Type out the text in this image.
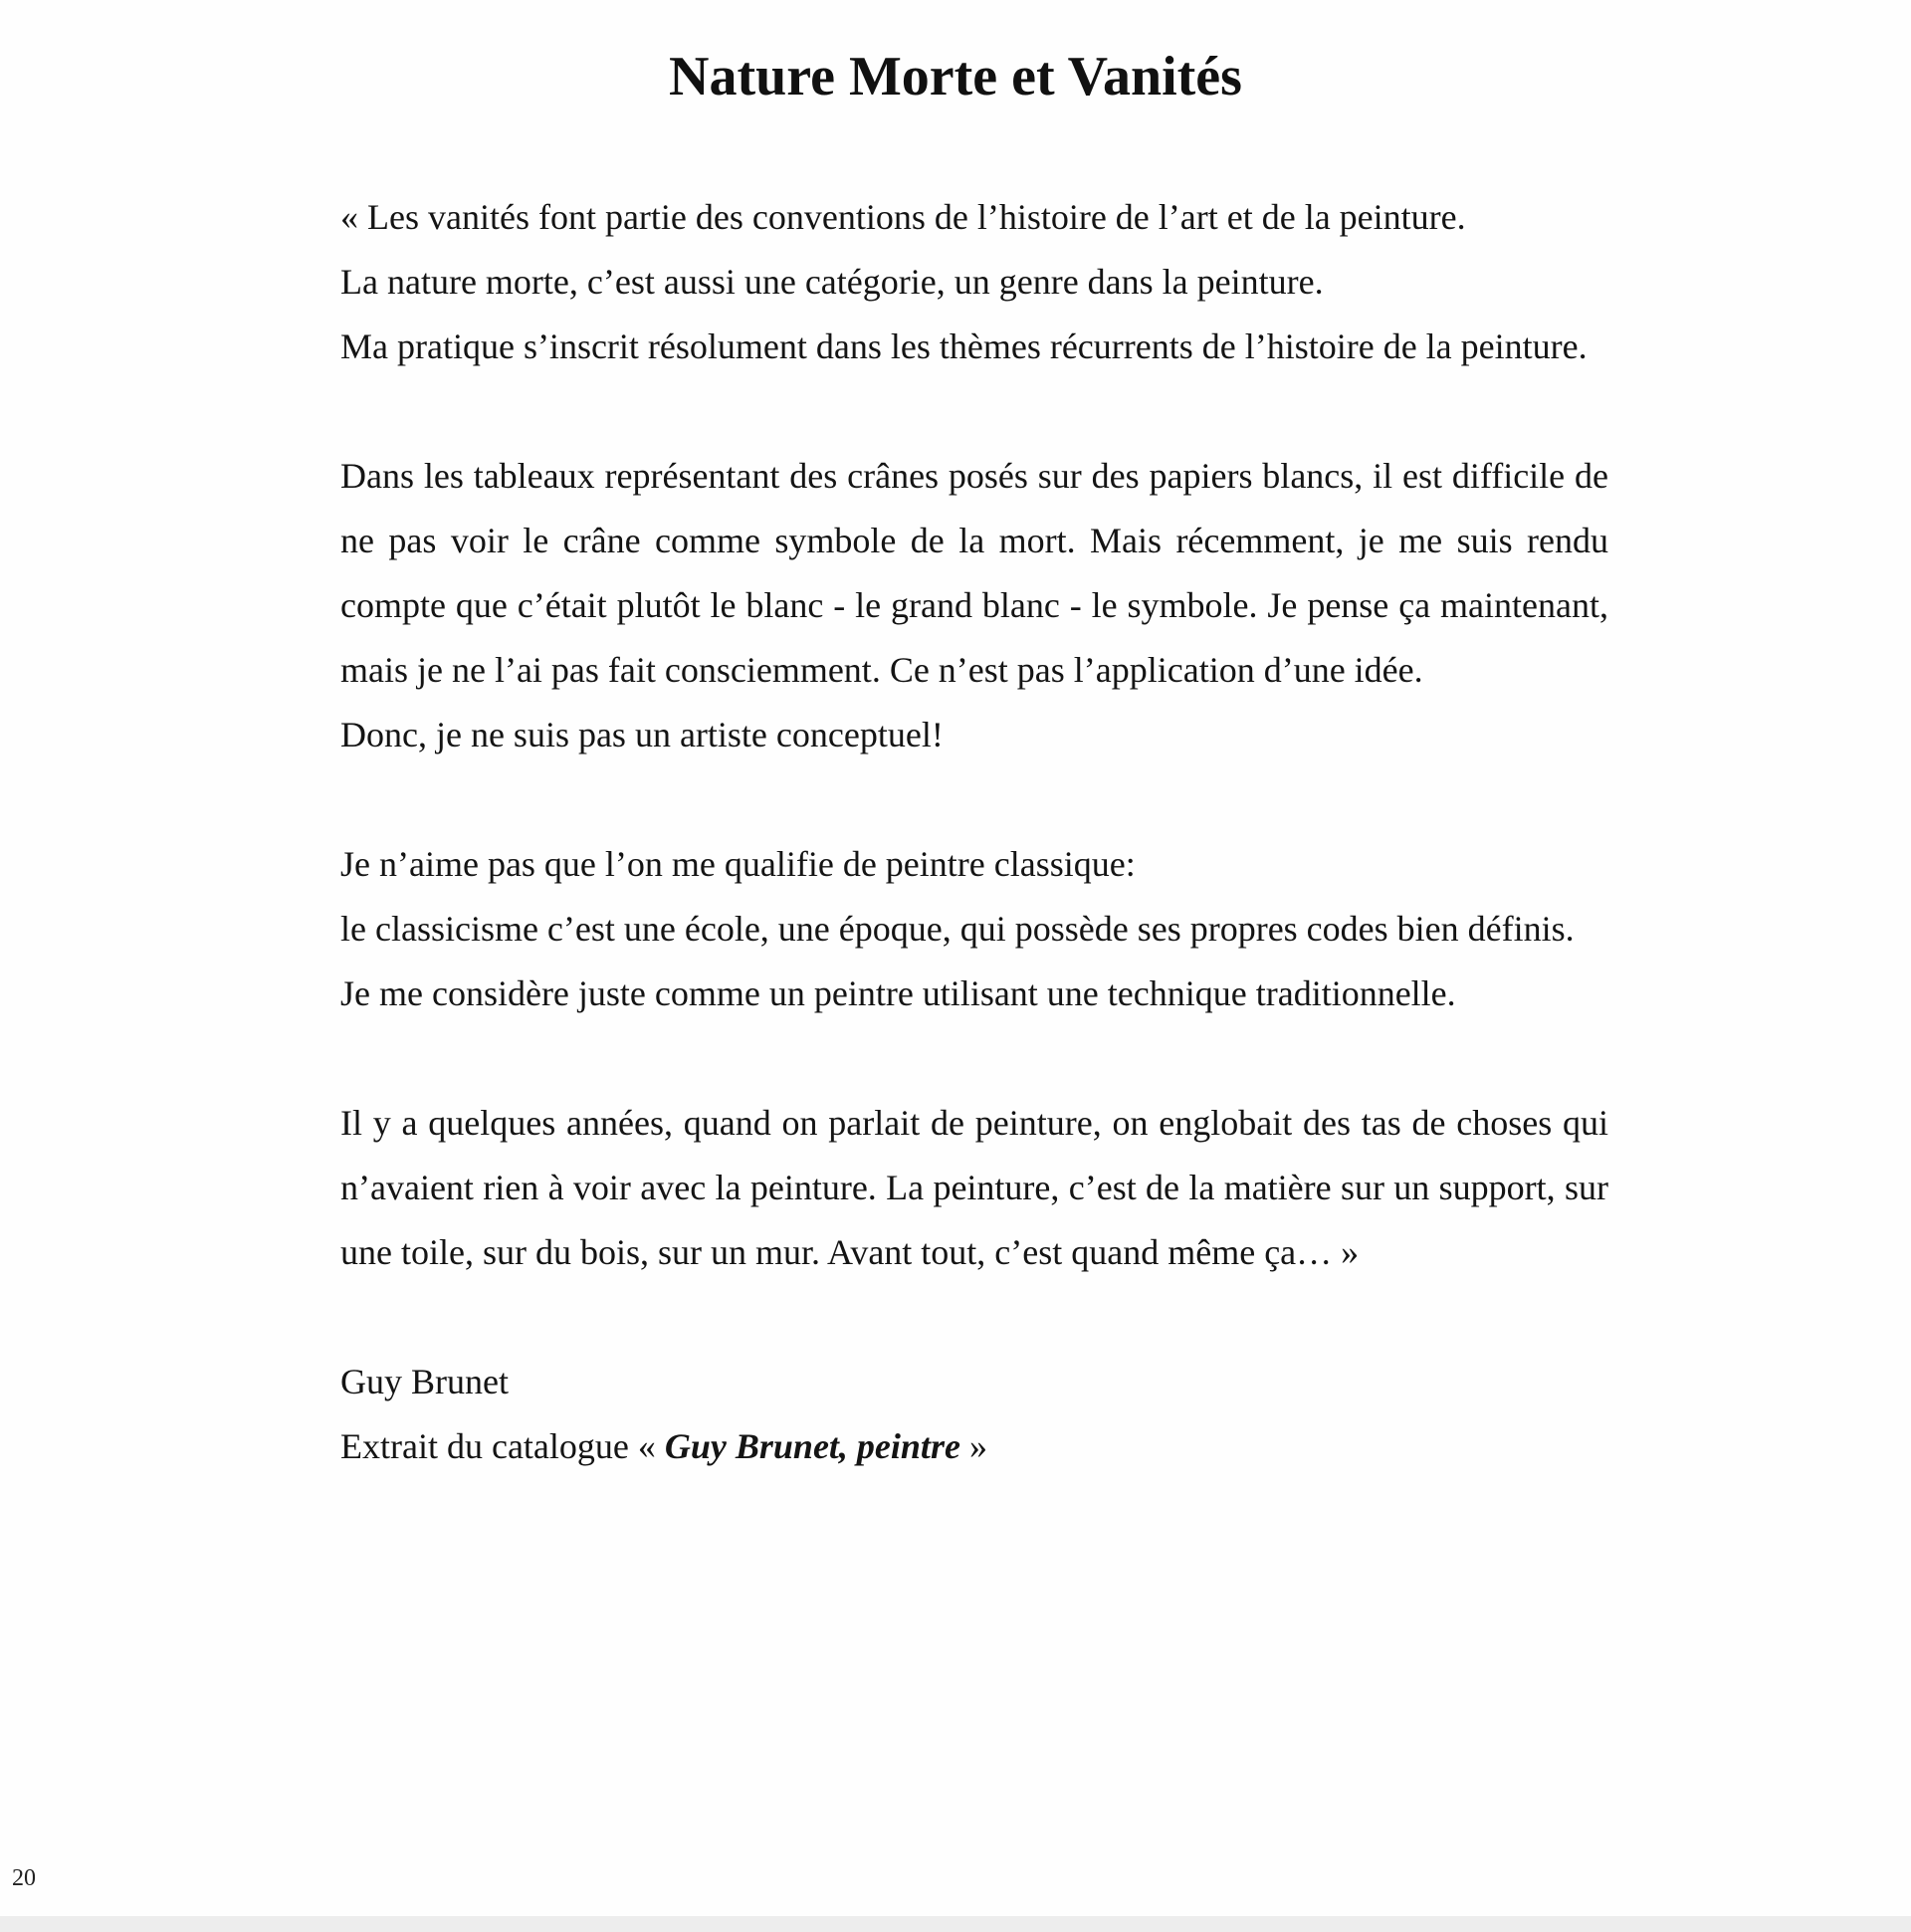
Nature Morte et Vanités

« Les vanités font partie des conventions de l’histoire de l’art et de la peinture.
La nature morte, c’est aussi une catégorie, un genre dans la peinture.
Ma pratique s’inscrit résolument dans les thèmes récurrents de l’histoire de la peinture.

Dans les tableaux représentant des crânes posés sur des papiers blancs, il est difficile de ne pas voir le crâne comme symbole de la mort. Mais récemment, je me suis rendu compte que c’était plutôt le blanc - le grand blanc - le symbole. Je pense ça maintenant, mais je ne l’ai pas fait consciemment. Ce n’est pas l’application d’une idée.
Donc, je ne suis pas un artiste conceptuel!

Je n’aime pas que l’on me qualifie de peintre classique:
le classicisme c’est une école, une époque, qui possède ses propres codes bien définis.
Je me considère juste comme un peintre utilisant une technique traditionnelle.

Il y a quelques années, quand on parlait de peinture, on englobait des tas de choses qui n’avaient rien à voir avec la peinture. La peinture, c’est de la matière sur un support, sur une toile, sur du bois, sur un mur. Avant tout, c’est quand même ça… »

Guy Brunet
Extrait du catalogue « Guy Brunet, peintre »

20
